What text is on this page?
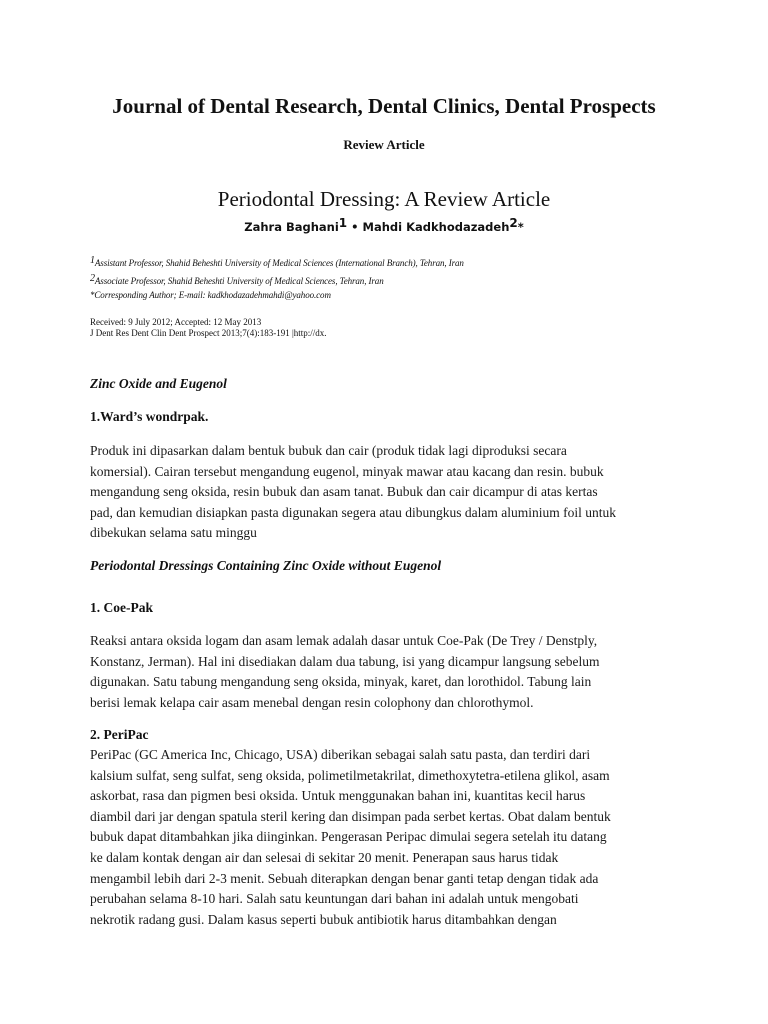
Journal of Dental Research, Dental Clinics, Dental Prospects
Review Article
Periodontal Dressing: A Review Article
Zahra Baghani$^1$ • Mahdi Kadkhodazadeh$^2$*
$^1$Assistant Professor, Shahid Beheshti University of Medical Sciences (International Branch), Tehran, Iran
$^2$Associate Professor, Shahid Beheshti University of Medical Sciences, Tehran, Iran
*Corresponding Author; E-mail: kadkhodazadehmahdi@yahoo.com
Received: 9 July 2012; Accepted: 12 May 2013
J Dent Res Dent Clin Dent Prospect 2013;7(4):183-191 |http://dx.
Zinc Oxide and Eugenol
1.Ward’s wondrpak.
Produk ini dipasarkan dalam bentuk bubuk dan cair (produk tidak lagi diproduksi secara
komersial). Cairan tersebut mengandung eugenol, minyak mawar atau kacang dan resin. bubuk
mengandung seng oksida, resin bubuk dan asam tanat. Bubuk dan cair dicampur di atas kertas
pad, dan kemudian disiapkan pasta digunakan segera atau dibungkus dalam aluminium foil untuk
dibekukan selama satu minggu
Periodontal Dressings Containing Zinc Oxide without Eugenol
1. Coe-Pak
Reaksi antara oksida logam dan asam lemak adalah dasar untuk Coe-Pak (De Trey / Denstply,
Konstanz, Jerman). Hal ini disediakan dalam dua tabung, isi yang dicampur langsung sebelum
digunakan. Satu tabung mengandung seng oksida, minyak, karet, dan lorothidol. Tabung lain
berisi lemak kelapa cair asam menebal dengan resin colophony dan chlorothymol.
2. PeriPac
PeriPac (GC America Inc, Chicago, USA) diberikan sebagai salah satu pasta, dan terdiri dari
kalsium sulfat, seng sulfat, seng oksida, polimetilmetakrilat, dimethoxytetra-etilena glikol, asam
askorbat, rasa dan pigmen besi oksida. Untuk menggunakan bahan ini, kuantitas kecil harus
diambil dari jar dengan spatula steril kering dan disimpan pada serbet kertas. Obat dalam bentuk
bubuk dapat ditambahkan jika diinginkan. Pengerasan Peripac dimulai segera setelah itu datang
ke dalam kontak dengan air dan selesai di sekitar 20 menit. Penerapan saus harus tidak
mengambil lebih dari 2-3 menit. Sebuah diterapkan dengan benar ganti tetap dengan tidak ada
perubahan selama 8-10 hari. Salah satu keuntungan dari bahan ini adalah untuk mengobati
nekrotik radang gusi. Dalam kasus seperti bubuk antibiotik harus ditambahkan dengan
